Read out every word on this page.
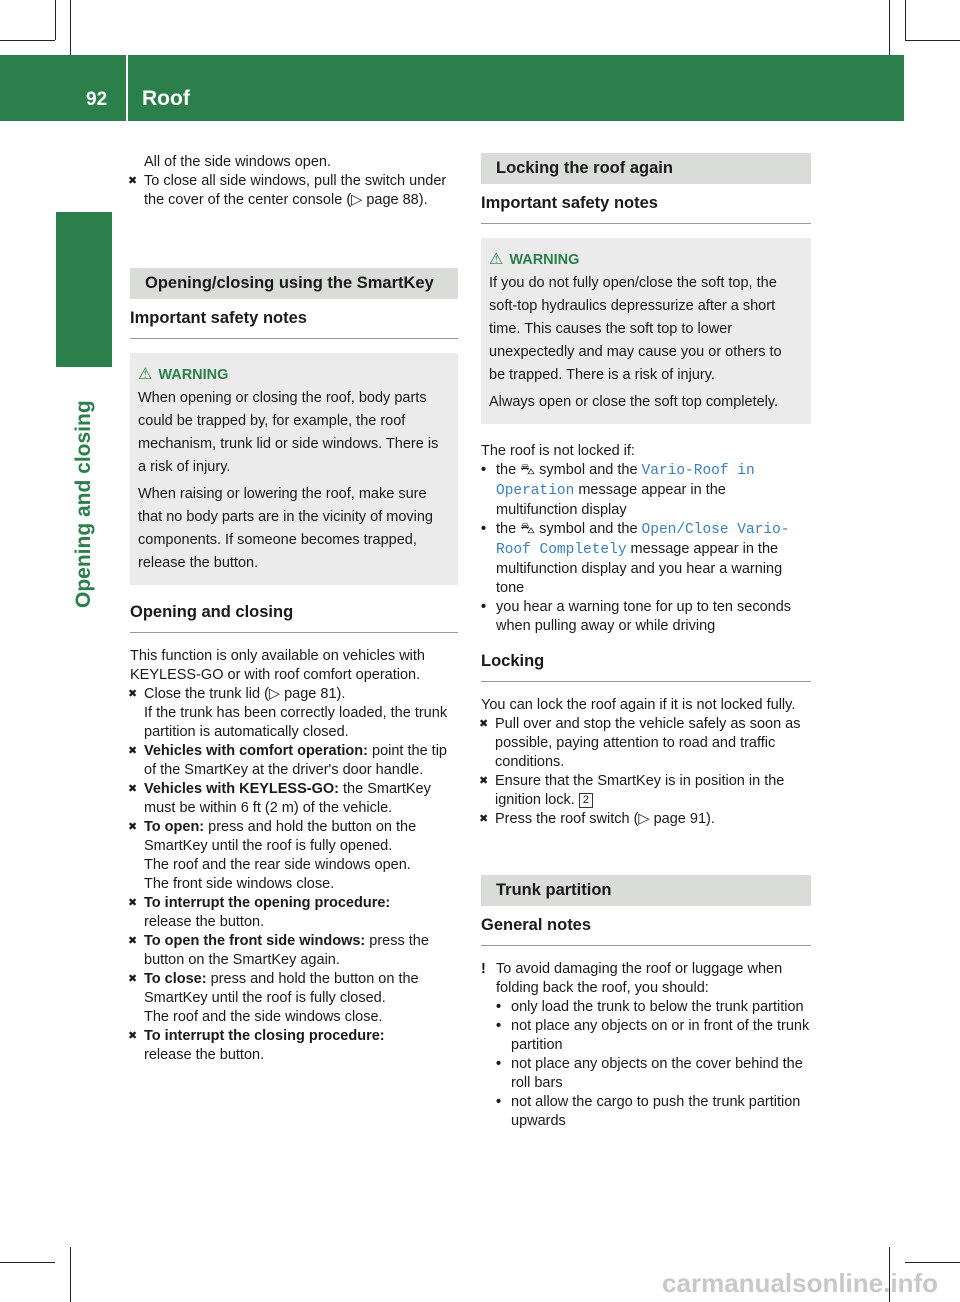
92 Roof
Opening and closing

All of the side windows open.

✖ To close all side windows, pull the switch under the cover of the center console (▷ page 88).

Opening/closing using the SmartKey
Important safety notes
⚠ WARNING

When opening or closing the roof, body parts could be trapped by, for example, the roof mechanism, trunk lid or side windows. There is a risk of injury.

When raising or lowering the roof, make sure that no body parts are in the vicinity of moving components. If someone becomes trapped, release the button.

Opening and closing

This function is only available on vehicles with KEYLESS-GO or with roof comfort operation.

✖ Close the trunk lid (▷ page 81).
If the trunk has been correctly loaded, the trunk partition is automatically closed.

✖ Vehicles with comfort operation: point the tip of the SmartKey at the driver's door handle.

✖ Vehicles with KEYLESS-GO: the SmartKey must be within 6 ft (2 m) of the vehicle.

✖ To open: press and hold the button on the SmartKey until the roof is fully opened.
The roof and the rear side windows open.
The front side windows close.

✖ To interrupt the opening procedure:
release the button.

✖ To open the front side windows: press the button on the SmartKey again.

✖ To close: press and hold the button on the SmartKey until the roof is fully closed.
The roof and the side windows close.

✖ To interrupt the closing procedure:
release the button.

Locking the roof again
Important safety notes
⚠ WARNING

If you do not fully open/close the soft top, the soft-top hydraulics depressurize after a short time. This causes the soft top to lower unexpectedly and may cause you or others to be trapped. There is a risk of injury.

Always open or close the soft top completely.

The roof is not locked if:

• the ⛍ symbol and the Vario-Roof in Operation message appear in the multifunction display

• the ⛍ symbol and the Open/Close Vario-Roof Completely message appear in the multifunction display and you hear a warning tone

• you hear a warning tone for up to ten seconds when pulling away or while driving

Locking

You can lock the roof again if it is not locked fully.

✖ Pull over and stop the vehicle safely as soon as possible, paying attention to road and traffic conditions.

✖ Ensure that the SmartKey is in position in the ignition lock. 2

✖ Press the roof switch (▷ page 91).

Trunk partition
General notes

! To avoid damaging the roof or luggage when folding back the roof, you should:

• only load the trunk to below the trunk partition

• not place any objects on or in front of the trunk partition

• not place any objects on the cover behind the roll bars

• not allow the cargo to push the trunk partition upwards

carmanualsonline.info
